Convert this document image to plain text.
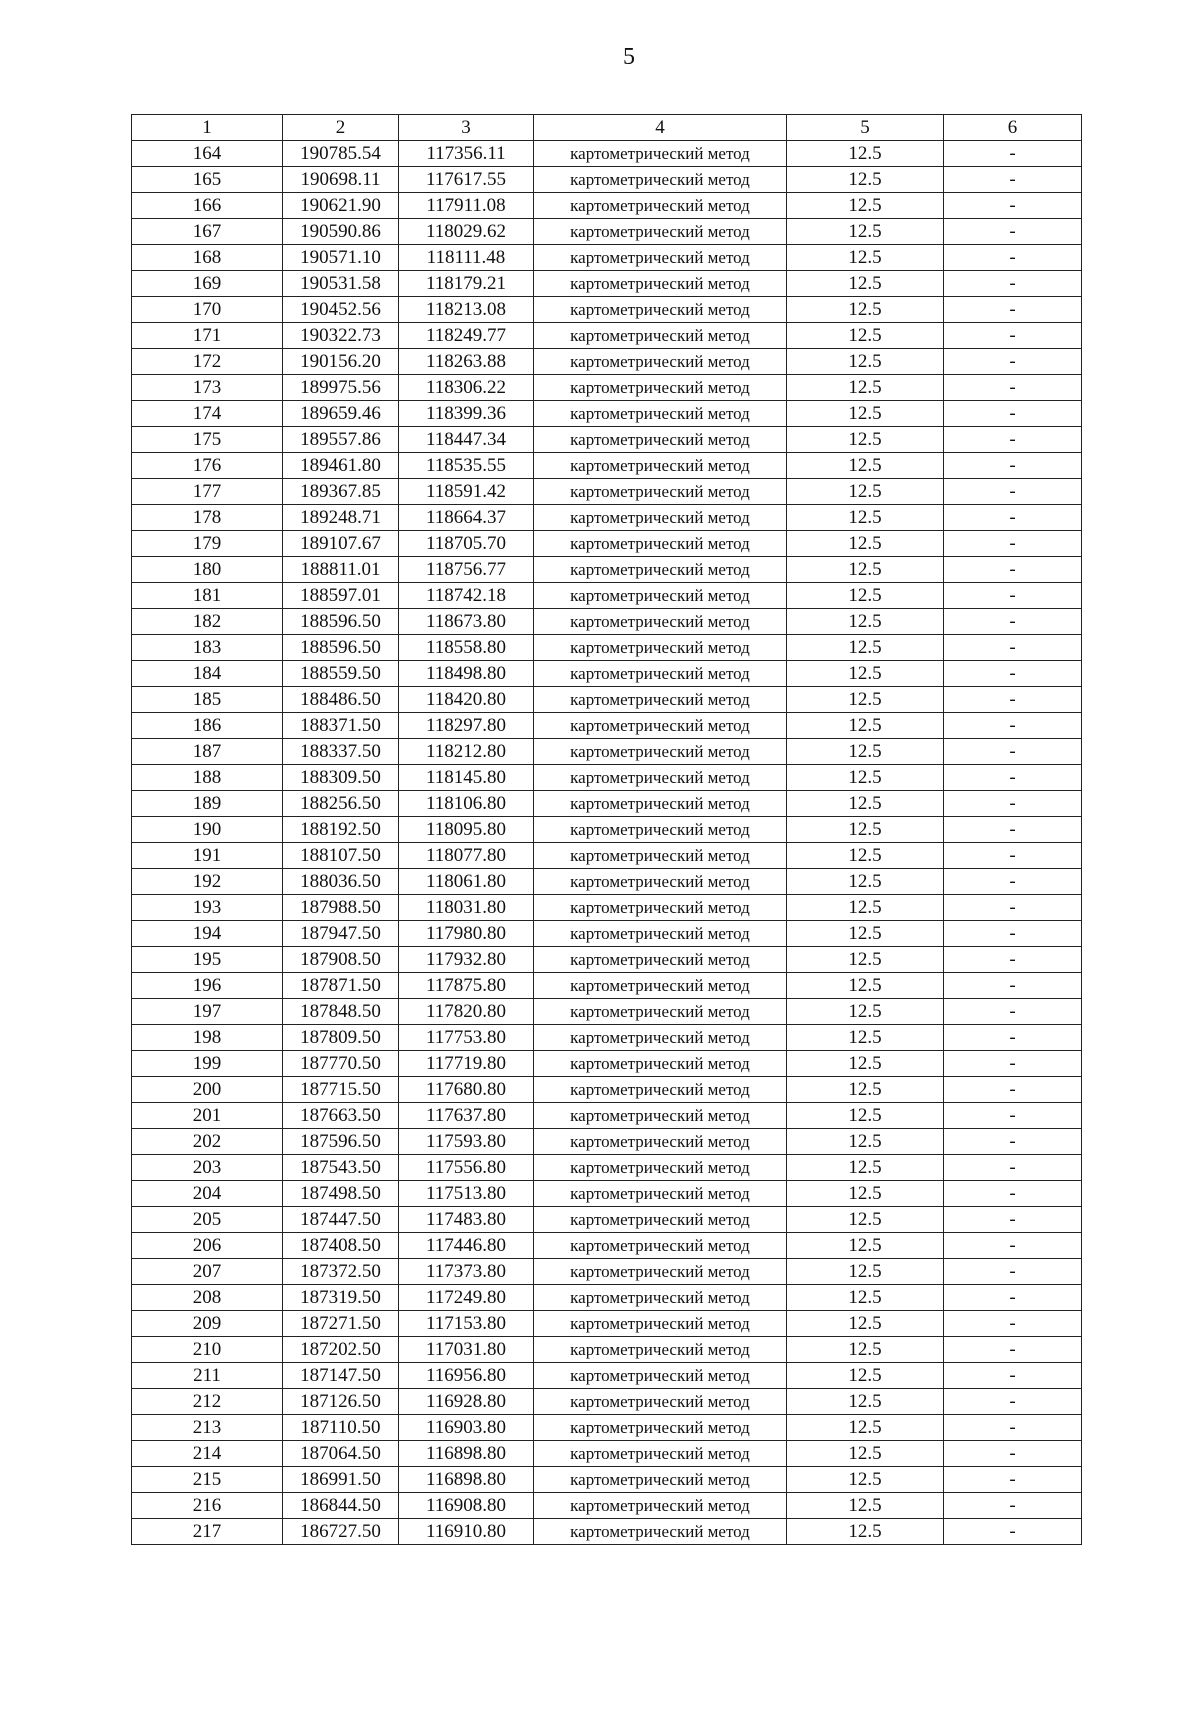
5
1	2	3	4	5	6
164	190785.54	117356.11	картометрический метод	12.5	-
165	190698.11	117617.55	картометрический метод	12.5	-
166	190621.90	117911.08	картометрический метод	12.5	-
167	190590.86	118029.62	картометрический метод	12.5	-
168	190571.10	118111.48	картометрический метод	12.5	-
169	190531.58	118179.21	картометрический метод	12.5	-
170	190452.56	118213.08	картометрический метод	12.5	-
171	190322.73	118249.77	картометрический метод	12.5	-
172	190156.20	118263.88	картометрический метод	12.5	-
173	189975.56	118306.22	картометрический метод	12.5	-
174	189659.46	118399.36	картометрический метод	12.5	-
175	189557.86	118447.34	картометрический метод	12.5	-
176	189461.80	118535.55	картометрический метод	12.5	-
177	189367.85	118591.42	картометрический метод	12.5	-
178	189248.71	118664.37	картометрический метод	12.5	-
179	189107.67	118705.70	картометрический метод	12.5	-
180	188811.01	118756.77	картометрический метод	12.5	-
181	188597.01	118742.18	картометрический метод	12.5	-
182	188596.50	118673.80	картометрический метод	12.5	-
183	188596.50	118558.80	картометрический метод	12.5	-
184	188559.50	118498.80	картометрический метод	12.5	-
185	188486.50	118420.80	картометрический метод	12.5	-
186	188371.50	118297.80	картометрический метод	12.5	-
187	188337.50	118212.80	картометрический метод	12.5	-
188	188309.50	118145.80	картометрический метод	12.5	-
189	188256.50	118106.80	картометрический метод	12.5	-
190	188192.50	118095.80	картометрический метод	12.5	-
191	188107.50	118077.80	картометрический метод	12.5	-
192	188036.50	118061.80	картометрический метод	12.5	-
193	187988.50	118031.80	картометрический метод	12.5	-
194	187947.50	117980.80	картометрический метод	12.5	-
195	187908.50	117932.80	картометрический метод	12.5	-
196	187871.50	117875.80	картометрический метод	12.5	-
197	187848.50	117820.80	картометрический метод	12.5	-
198	187809.50	117753.80	картометрический метод	12.5	-
199	187770.50	117719.80	картометрический метод	12.5	-
200	187715.50	117680.80	картометрический метод	12.5	-
201	187663.50	117637.80	картометрический метод	12.5	-
202	187596.50	117593.80	картометрический метод	12.5	-
203	187543.50	117556.80	картометрический метод	12.5	-
204	187498.50	117513.80	картометрический метод	12.5	-
205	187447.50	117483.80	картометрический метод	12.5	-
206	187408.50	117446.80	картометрический метод	12.5	-
207	187372.50	117373.80	картометрический метод	12.5	-
208	187319.50	117249.80	картометрический метод	12.5	-
209	187271.50	117153.80	картометрический метод	12.5	-
210	187202.50	117031.80	картометрический метод	12.5	-
211	187147.50	116956.80	картометрический метод	12.5	-
212	187126.50	116928.80	картометрический метод	12.5	-
213	187110.50	116903.80	картометрический метод	12.5	-
214	187064.50	116898.80	картометрический метод	12.5	-
215	186991.50	116898.80	картометрический метод	12.5	-
216	186844.50	116908.80	картометрический метод	12.5	-
217	186727.50	116910.80	картометрический метод	12.5	-
